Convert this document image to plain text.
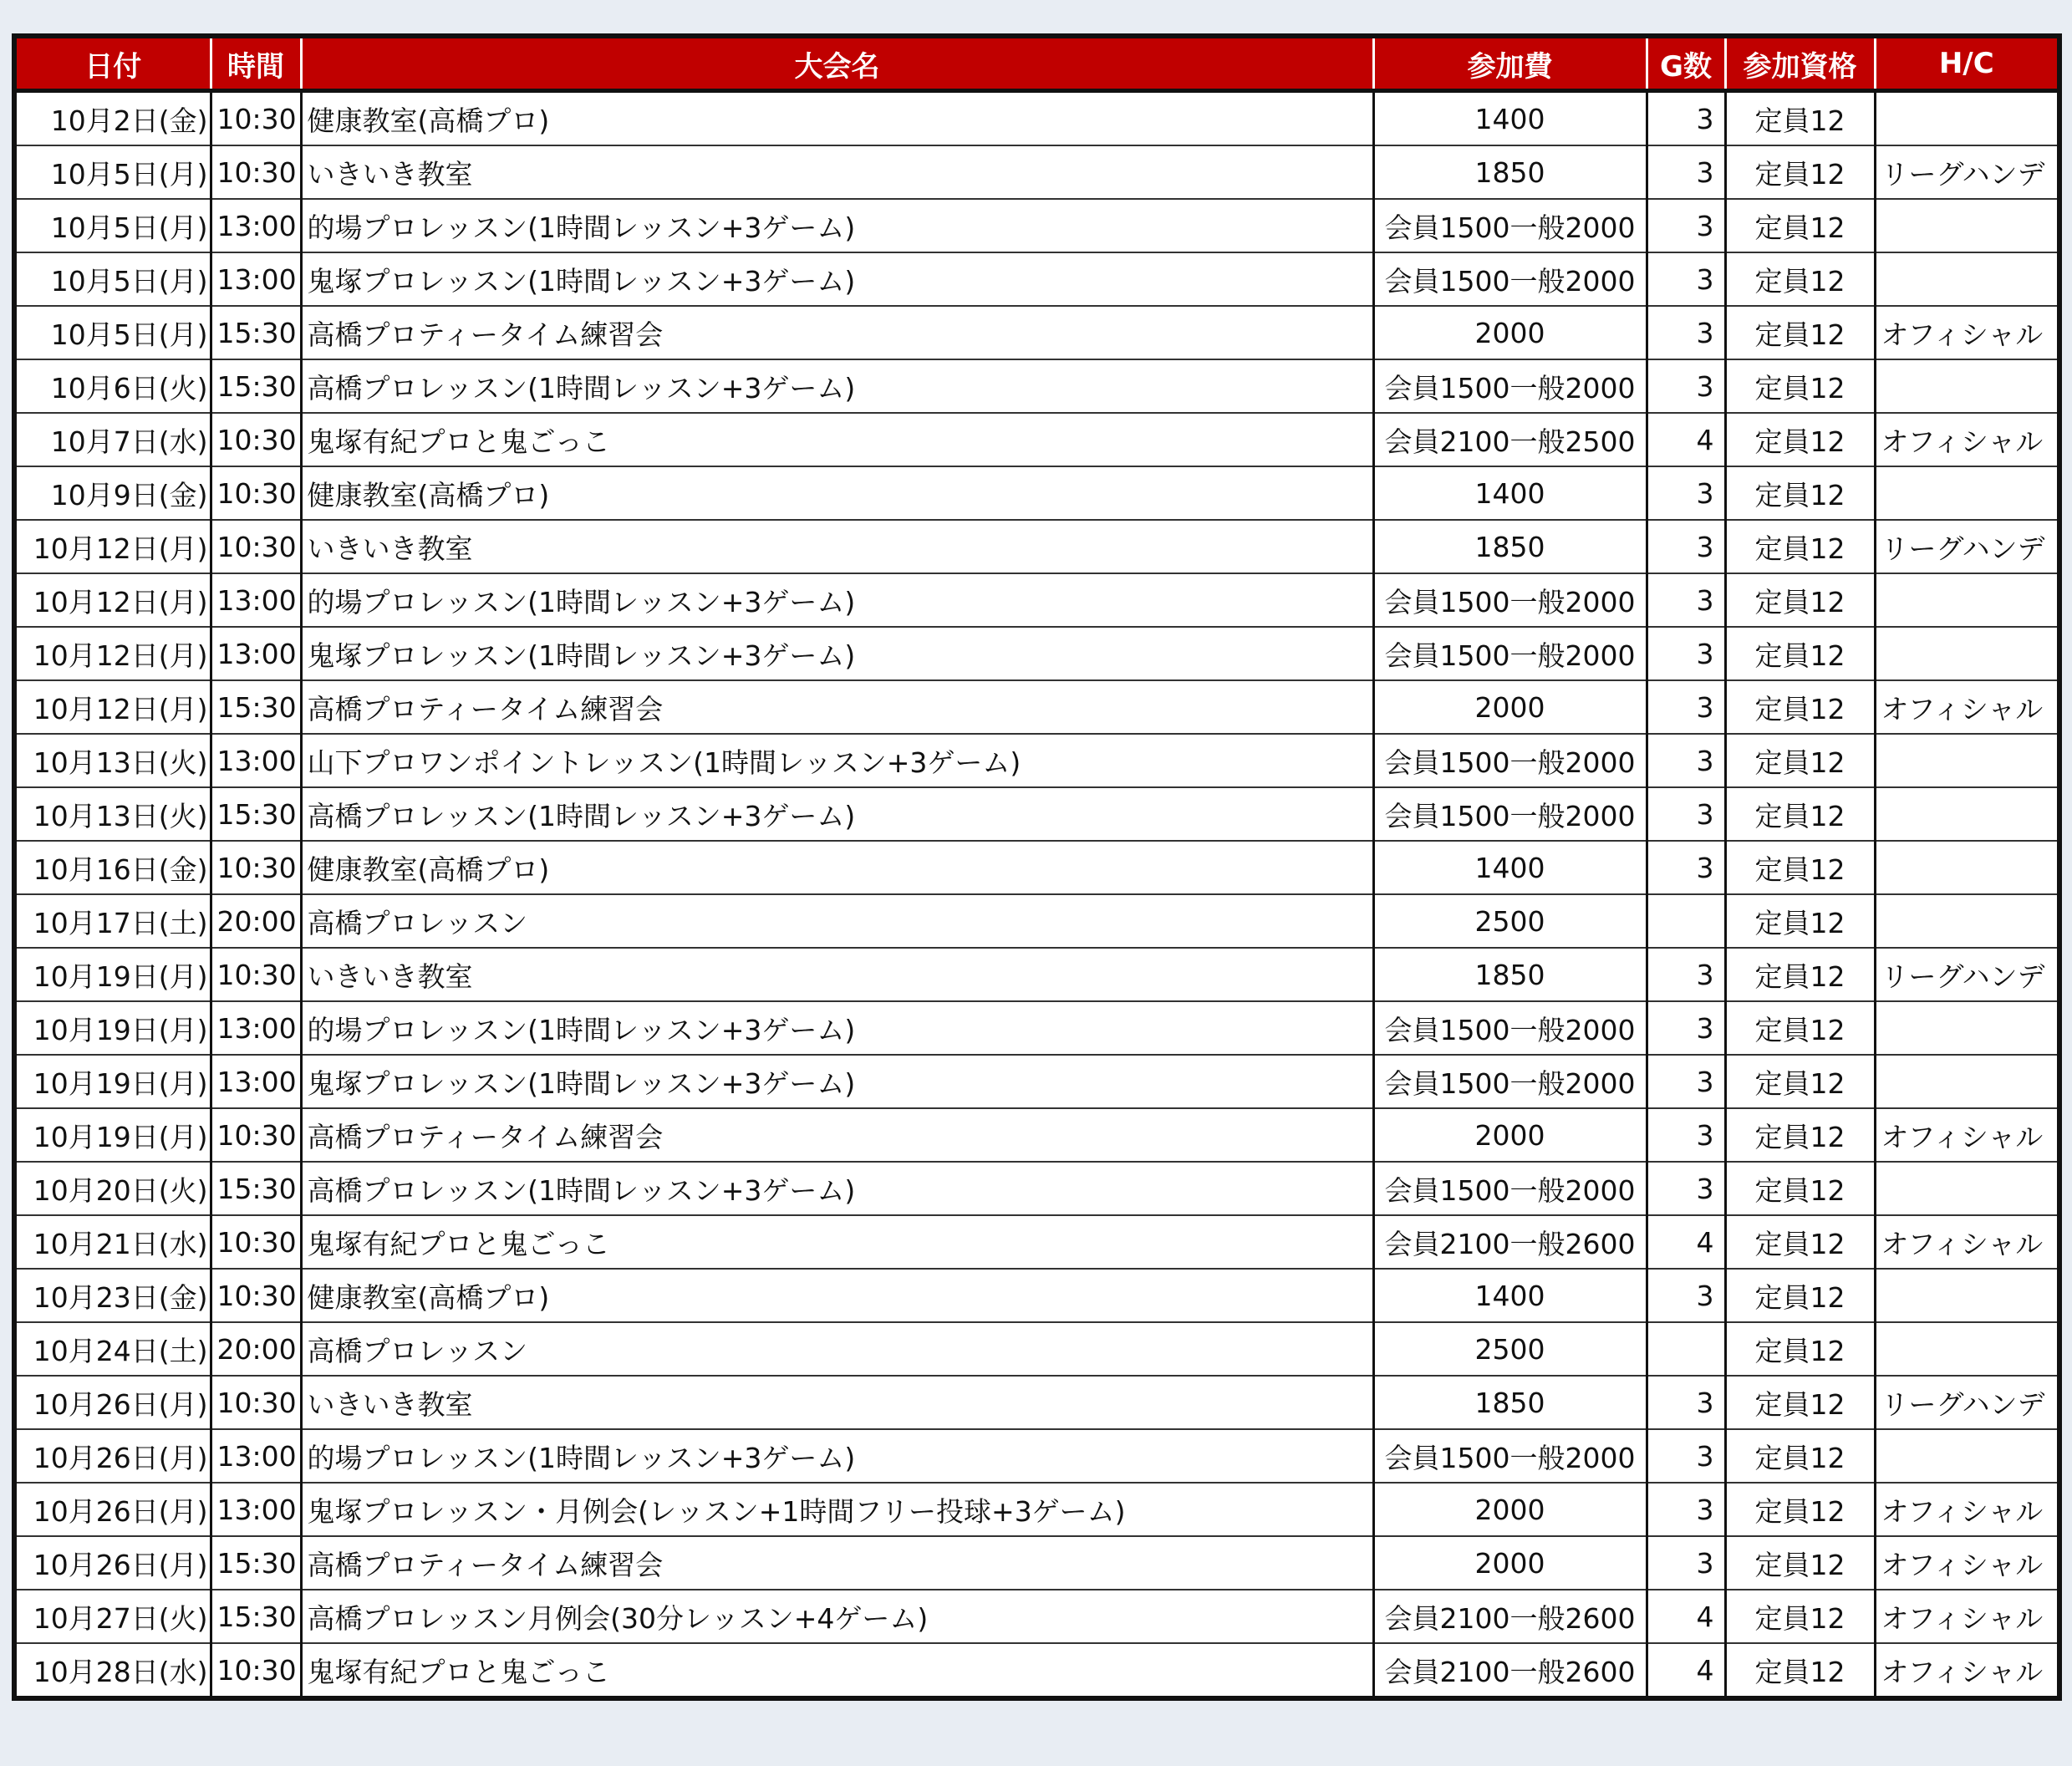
日付	時間	大会名	参加費	G数	参加資格	H/C
10月2日(金)	10:30	健康教室(高橋プロ)	1400	3	定員12	
10月5日(月)	10:30	いきいき教室	1850	3	定員12	リーグハンデ
10月5日(月)	13:00	的場プロレッスン(1時間レッスン+3ゲーム)	会員1500一般2000	3	定員12	
10月5日(月)	13:00	鬼塚プロレッスン(1時間レッスン+3ゲーム)	会員1500一般2000	3	定員12	
10月5日(月)	15:30	高橋プロティータイム練習会	2000	3	定員12	オフィシャル
10月6日(火)	15:30	高橋プロレッスン(1時間レッスン+3ゲーム)	会員1500一般2000	3	定員12	
10月7日(水)	10:30	鬼塚有紀プロと鬼ごっこ	会員2100一般2500	4	定員12	オフィシャル
10月9日(金)	10:30	健康教室(高橋プロ)	1400	3	定員12	
10月12日(月)	10:30	いきいき教室	1850	3	定員12	リーグハンデ
10月12日(月)	13:00	的場プロレッスン(1時間レッスン+3ゲーム)	会員1500一般2000	3	定員12	
10月12日(月)	13:00	鬼塚プロレッスン(1時間レッスン+3ゲーム)	会員1500一般2000	3	定員12	
10月12日(月)	15:30	高橋プロティータイム練習会	2000	3	定員12	オフィシャル
10月13日(火)	13:00	山下プロワンポイントレッスン(1時間レッスン+3ゲーム)	会員1500一般2000	3	定員12	
10月13日(火)	15:30	高橋プロレッスン(1時間レッスン+3ゲーム)	会員1500一般2000	3	定員12	
10月16日(金)	10:30	健康教室(高橋プロ)	1400	3	定員12	
10月17日(土)	20:00	高橋プロレッスン	2500		定員12	
10月19日(月)	10:30	いきいき教室	1850	3	定員12	リーグハンデ
10月19日(月)	13:00	的場プロレッスン(1時間レッスン+3ゲーム)	会員1500一般2000	3	定員12	
10月19日(月)	13:00	鬼塚プロレッスン(1時間レッスン+3ゲーム)	会員1500一般2000	3	定員12	
10月19日(月)	10:30	高橋プロティータイム練習会	2000	3	定員12	オフィシャル
10月20日(火)	15:30	高橋プロレッスン(1時間レッスン+3ゲーム)	会員1500一般2000	3	定員12	
10月21日(水)	10:30	鬼塚有紀プロと鬼ごっこ	会員2100一般2600	4	定員12	オフィシャル
10月23日(金)	10:30	健康教室(高橋プロ)	1400	3	定員12	
10月24日(土)	20:00	高橋プロレッスン	2500		定員12	
10月26日(月)	10:30	いきいき教室	1850	3	定員12	リーグハンデ
10月26日(月)	13:00	的場プロレッスン(1時間レッスン+3ゲーム)	会員1500一般2000	3	定員12	
10月26日(月)	13:00	鬼塚プロレッスン・月例会(レッスン+1時間フリー投球+3ゲーム)	2000	3	定員12	オフィシャル
10月26日(月)	15:30	高橋プロティータイム練習会	2000	3	定員12	オフィシャル
10月27日(火)	15:30	高橋プロレッスン月例会(30分レッスン+4ゲーム)	会員2100一般2600	4	定員12	オフィシャル
10月28日(水)	10:30	鬼塚有紀プロと鬼ごっこ	会員2100一般2600	4	定員12	オフィシャル
